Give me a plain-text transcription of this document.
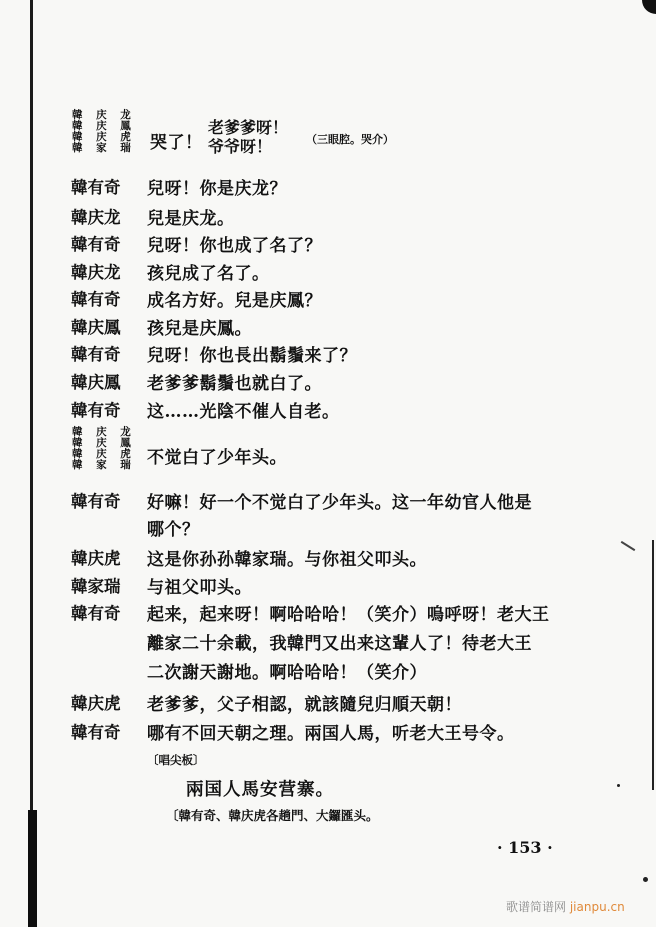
韓 庆 龙
韓 庆 鳳
韓 庆 虎
韓 家 瑞 哭了！
老爹爹呀！
爷爷呀！	（三眼腔。哭介）
韓有奇 兒呀！你是庆龙？
韓庆龙 兒是庆龙。
韓有奇 兒呀！你也成了名了？
韓庆龙 孩兒成了名了。
韓有奇 成名方好。兒是庆鳳？
韓庆鳳 孩兒是庆鳳。
韓有奇 兒呀！你也長出鬍鬚来了？
韓庆鳳 老爹爹鬍鬚也就白了。
韓有奇 这……光陰不催人自老。
韓 庆 龙
韓 庆 鳳
韓 庆 虎
韓 家 瑞 不觉白了少年头。
韓有奇 好嘛！好一个不觉白了少年头。这一年幼官人他是
哪个？
韓庆虎 这是你孙孙韓家瑞。与你祖父叩头。
韓家瑞 与祖父叩头。
韓有奇 起来，起来呀！啊哈哈哈！（笑介）嗚呼呀！老大王
離家二十余載，我韓門又出来这輩人了！待老大王
二次謝天謝地。啊哈哈哈！（笑介）
韓庆虎 老爹爹，父子相認，就該隨兒归順天朝！
韓有奇 哪有不回天朝之理。兩国人馬，听老大王号令。
〔唱尖板〕
兩国人馬安营寨。
〔韓有奇、韓庆虎各趟門、大鑼匯头。
· 153 ·
歌谱简谱网 jianpu.cn
